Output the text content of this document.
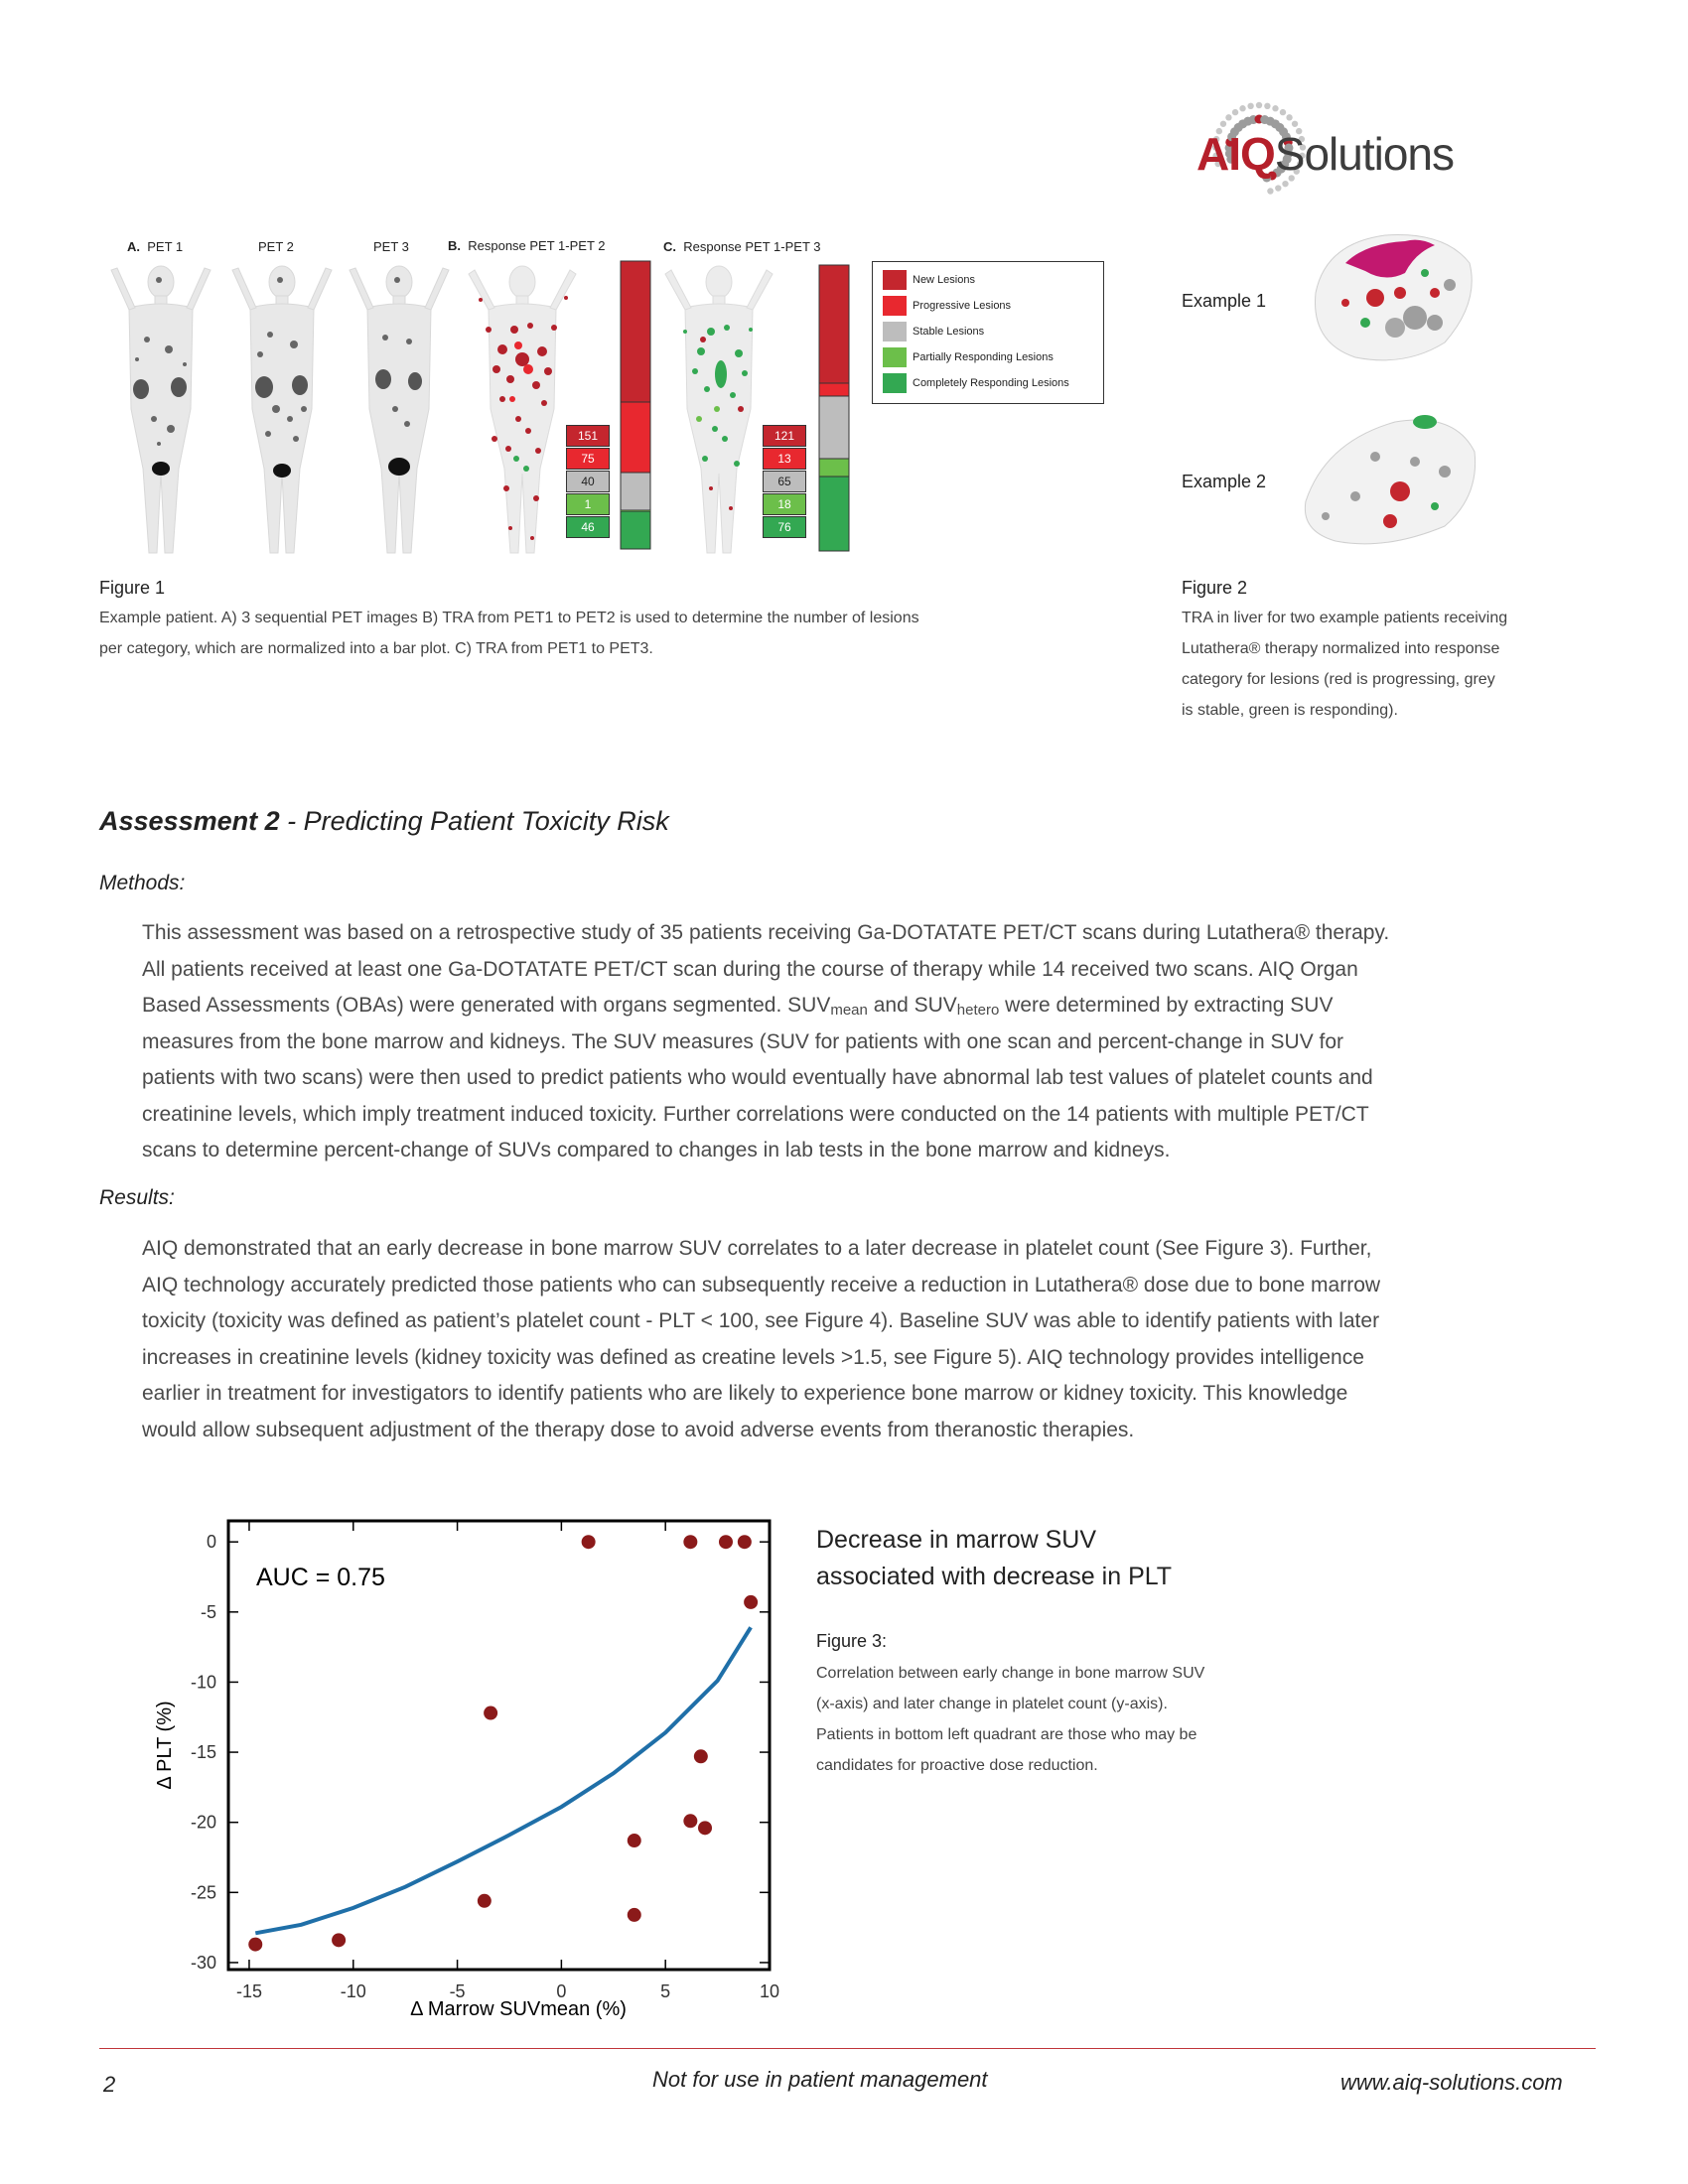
AIQSolutions
A. PET 1	PET 2	PET 3	B. Response PET 1-PET 2	C. Response PET 1-PET 3
151
75
40
1
46
121
13
65
18
76
New Lesions
Progressive Lesions
Stable Lesions
Partially Responding Lesions
Completely Responding Lesions
Figure 1
Example patient. A) 3 sequential PET images B) TRA from PET1 to PET2 is used to determine the number of lesions
per category, which are normalized into a bar plot. C) TRA from PET1 to PET3.
Example 1
Example 2
Figure 2
TRA in liver for two example patients receiving
Lutathera® therapy normalized into response
category for lesions (red is progressing, grey
is stable, green is responding).
Assessment 2 - Predicting Patient Toxicity Risk
Methods:
This assessment was based on a retrospective study of 35 patients receiving Ga-DOTATATE PET/CT scans during Lutathera® therapy.
All patients received at least one Ga-DOTATATE PET/CT scan during the course of therapy while 14 received two scans. AIQ Organ
Based Assessments (OBAs) were generated with organs segmented. $SUV_{mean}$ and $SUV_{hetero}$ were determined by extracting SUV
measures from the bone marrow and kidneys. The SUV measures (SUV for patients with one scan and percent-change in SUV for
patients with two scans) were then used to predict patients who would eventually have abnormal lab test values of platelet counts and
creatinine levels, which imply treatment induced toxicity. Further correlations were conducted on the 14 patients with multiple PET/CT
scans to determine percent-change of SUVs compared to changes in lab tests in the bone marrow and kidneys.
Results:
AIQ demonstrated that an early decrease in bone marrow SUV correlates to a later decrease in platelet count (See Figure 3). Further,
AIQ technology accurately predicted those patients who can subsequently receive a reduction in Lutathera® dose due to bone marrow
toxicity (toxicity was defined as patient’s platelet count - PLT < 100, see Figure 4). Baseline SUV was able to identify patients with later
increases in creatinine levels (kidney toxicity was defined as creatine levels >1.5, see Figure 5). AIQ technology provides intelligence
earlier in treatment for investigators to identify patients who are likely to experience bone marrow or kidney toxicity. This knowledge
would allow subsequent adjustment of the therapy dose to avoid adverse events from theranostic therapies.
0
-5
-10
-15
-20
-25
-30
-15	-10	-5	0	5	10
AUC = 0.75
Δ Marrow SUVmean (%)
Δ PLT (%)
Decrease in marrow SUV
associated with decrease in PLT
Figure 3:
Correlation between early change in bone marrow SUV
(x-axis) and later change in platelet count (y-axis).
Patients in bottom left quadrant are those who may be
candidates for proactive dose reduction.
2	Not for use in patient management	www.aiq-solutions.com
